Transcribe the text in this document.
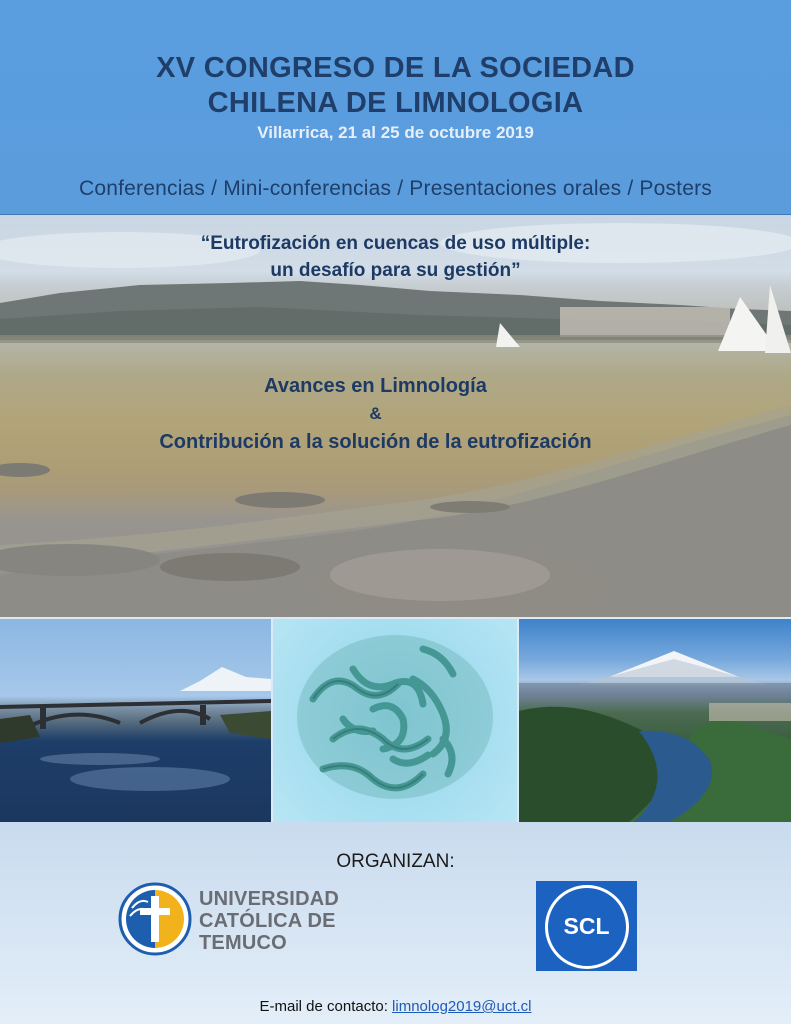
XV CONGRESO DE LA SOCIEDAD
CHILENA DE LIMNOLOGIA
Villarrica, 21 al 25 de octubre 2019
Conferencias / Mini-conferencias / Presentaciones orales / Posters
“Eutrofización en cuencas de uso múltiple:
un desafío para su gestión”
Avances en Limnología
&
Contribución a la solución de la eutrofización
ORGANIZAN:
UNIVERSIDAD
CATÓLICA DE
TEMUCO
SCL
E-mail de contacto: limnolog2019@uct.cl
